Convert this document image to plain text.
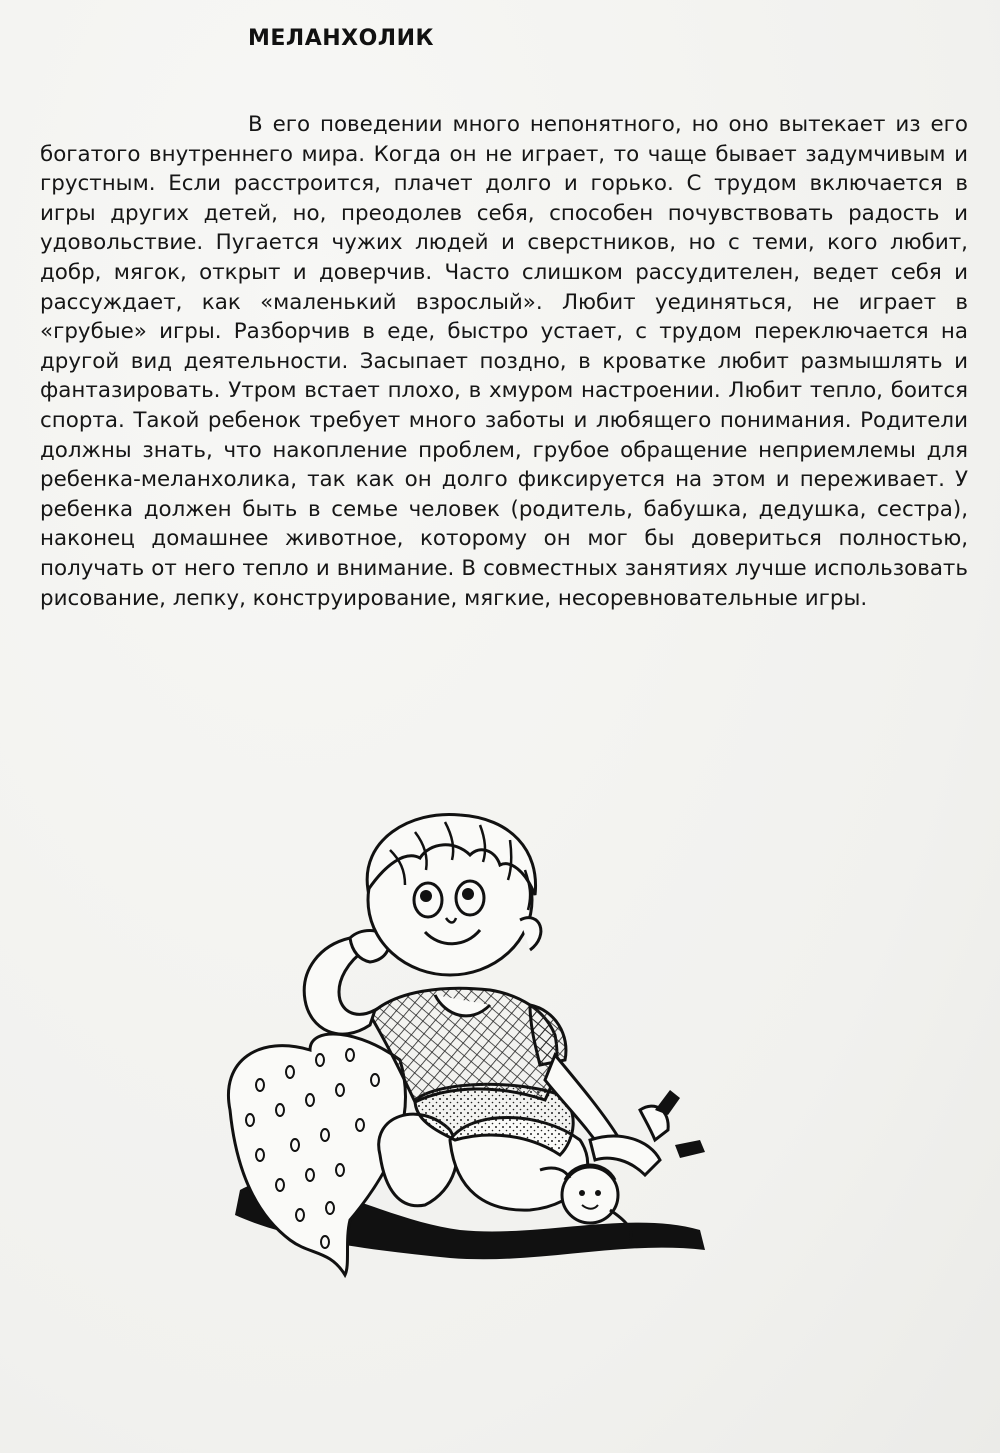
МЕЛАНХОЛИК

В его поведении много непонятного, но оно вытекает из его богатого внутреннего мира. Когда он не играет, то чаще бывает задумчивым и грустным. Если расстроится, плачет долго и горько. С трудом включается в игры других детей, но, преодолев себя, способен почувствовать радость и удовольствие. Пугается чужих людей и сверстников, но с теми, кого любит, добр, мягок, открыт и доверчив. Часто слишком рассудителен, ведет себя и рассуждает, как «маленький взрослый». Любит уединяться, не играет в «грубые» игры. Разборчив в еде, быстро устает, с трудом переключается на другой вид деятельности. Засыпает поздно, в кроватке любит размышлять и фантазировать. Утром встает плохо, в хмуром настроении. Любит тепло, боится спорта. Такой ребенок требует много заботы и любящего понимания. Родители должны знать, что накопление проблем, грубое обращение неприемлемы для ребенка-меланхолика, так как он долго фиксируется на этом и переживает. У ребенка должен быть в семье человек (родитель, бабушка, дедушка, сестра), наконец домашнее животное, которому он мог бы довериться полностью, получать от него тепло и внимание. В совместных занятиях лучше использовать рисование, лепку, конструирование, мягкие, несоревновательные игры.
